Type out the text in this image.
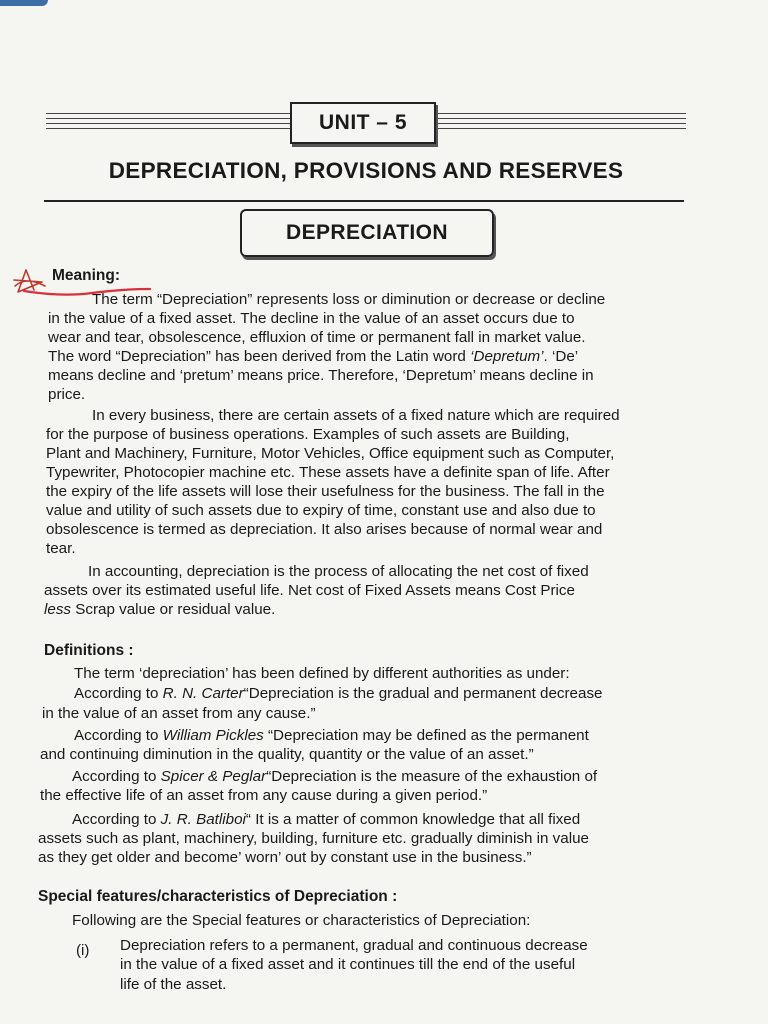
UNIT – 5
DEPRECIATION, PROVISIONS AND RESERVES
DEPRECIATION
Meaning:
The term “Depreciation” represents loss or diminution or decrease or decline
in the value of a fixed asset. The decline in the value of an asset occurs due to
wear and tear, obsolescence, effluxion of time or permanent fall in market value.
The word “Depreciation” has been derived from the Latin word ‘Depretum’. ‘De’
means decline and ‘pretum’ means price. Therefore, ‘Depretum’ means decline in
price.
In every business, there are certain assets of a fixed nature which are required
for the purpose of business operations. Examples of such assets are Building,
Plant and Machinery, Furniture, Motor Vehicles, Office equipment such as Computer,
Typewriter, Photocopier machine etc. These assets have a definite span of life. After
the expiry of the life assets will lose their usefulness for the business. The fall in the
value and utility of such assets due to expiry of time, constant use and also due to
obsolescence is termed as depreciation. It also arises because of normal wear and
tear.
In accounting, depreciation is the process of allocating the net cost of fixed
assets over its estimated useful life. Net cost of Fixed Assets means Cost Price
less Scrap value or residual value.
Definitions :
The term ‘depreciation’ has been defined by different authorities as under:
According to R. N. Carter“Depreciation is the gradual and permanent decrease
in the value of an asset from any cause.”
According to William Pickles “Depreciation may be defined as the permanent
and continuing diminution in the quality, quantity or the value of an asset.”
According to Spicer & Peglar“Depreciation is the measure of the exhaustion of
the effective life of an asset from any cause during a given period.”
According to J. R. Batliboi“ It is a matter of common knowledge that all fixed
assets such as plant, machinery, building, furniture etc. gradually diminish in value
as they get older and become’ worn’ out by constant use in the business.”
Special features/characteristics of Depreciation :
Following are the Special features or characteristics of Depreciation:
(i) Depreciation refers to a permanent, gradual and continuous decrease
in the value of a fixed asset and it continues till the end of the useful
life of the asset.
